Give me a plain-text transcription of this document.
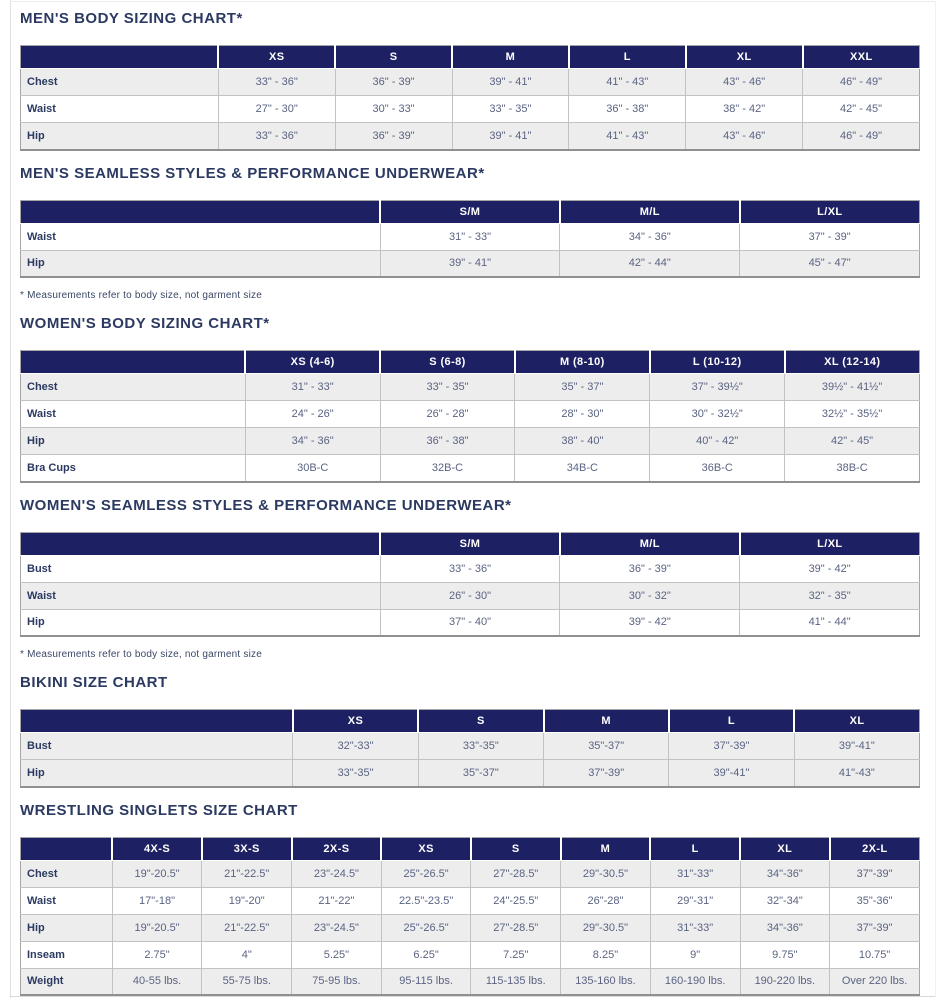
MEN'S BODY SIZING CHART*
	XS	S	M	L	XL	XXL
Chest	33" - 36"	36" - 39"	39" - 41"	41" - 43"	43" - 46"	46" - 49"
Waist	27" - 30"	30" - 33"	33" - 35"	36" - 38"	38" - 42"	42" - 45"
Hip	33" - 36"	36" - 39"	39" - 41"	41" - 43"	43" - 46"	46" - 49"
MEN'S SEAMLESS STYLES & PERFORMANCE UNDERWEAR*
	S/M	M/L	L/XL
Waist	31" - 33"	34" - 36"	37" - 39"
Hip	39" - 41"	42" - 44"	45" - 47"

* Measurements refer to body size, not garment size

WOMEN'S BODY SIZING CHART*
	XS (4-6)	S (6-8)	M (8-10)	L (10-12)	XL (12-14)
Chest	31" - 33"	33" - 35"	35" - 37"	37" - 39½"	39½" - 41½"
Waist	24" - 26"	26" - 28"	28" - 30"	30" - 32½"	32½" - 35½"
Hip	34" - 36"	36" - 38"	38" - 40"	40" - 42"	42" - 45"
Bra Cups	30B-C	32B-C	34B-C	36B-C	38B-C
WOMEN'S SEAMLESS STYLES & PERFORMANCE UNDERWEAR*
	S/M	M/L	L/XL
Bust	33" - 36"	36" - 39"	39" - 42"
Waist	26" - 30"	30" - 32"	32" - 35"
Hip	37" - 40"	39" - 42"	41" - 44"

* Measurements refer to body size, not garment size

BIKINI SIZE CHART
	XS	S	M	L	XL
Bust	32"-33"	33"-35"	35"-37"	37"-39"	39"-41"
Hip	33"-35"	35"-37"	37"-39"	39"-41"	41"-43"
WRESTLING SINGLETS SIZE CHART
	4X-S	3X-S	2X-S	XS	S	M	L	XL	2X-L
Chest	19"-20.5"	21"-22.5"	23"-24.5"	25"-26.5"	27"-28.5"	29"-30.5"	31"-33"	34"-36"	37"-39"
Waist	17"-18"	19"-20"	21"-22"	22.5"-23.5"	24"-25.5"	26"-28"	29"-31"	32"-34"	35"-36"
Hip	19"-20.5"	21"-22.5"	23"-24.5"	25"-26.5"	27"-28.5"	29"-30.5"	31"-33"	34"-36"	37"-39"
Inseam	2.75"	4"	5.25"	6.25"	7.25"	8.25"	9"	9.75"	10.75"
Weight	40-55 lbs.	55-75 lbs.	75-95 lbs.	95-115 lbs.	115-135 lbs.	135-160 lbs.	160-190 lbs.	190-220 lbs.	Over 220 lbs.
